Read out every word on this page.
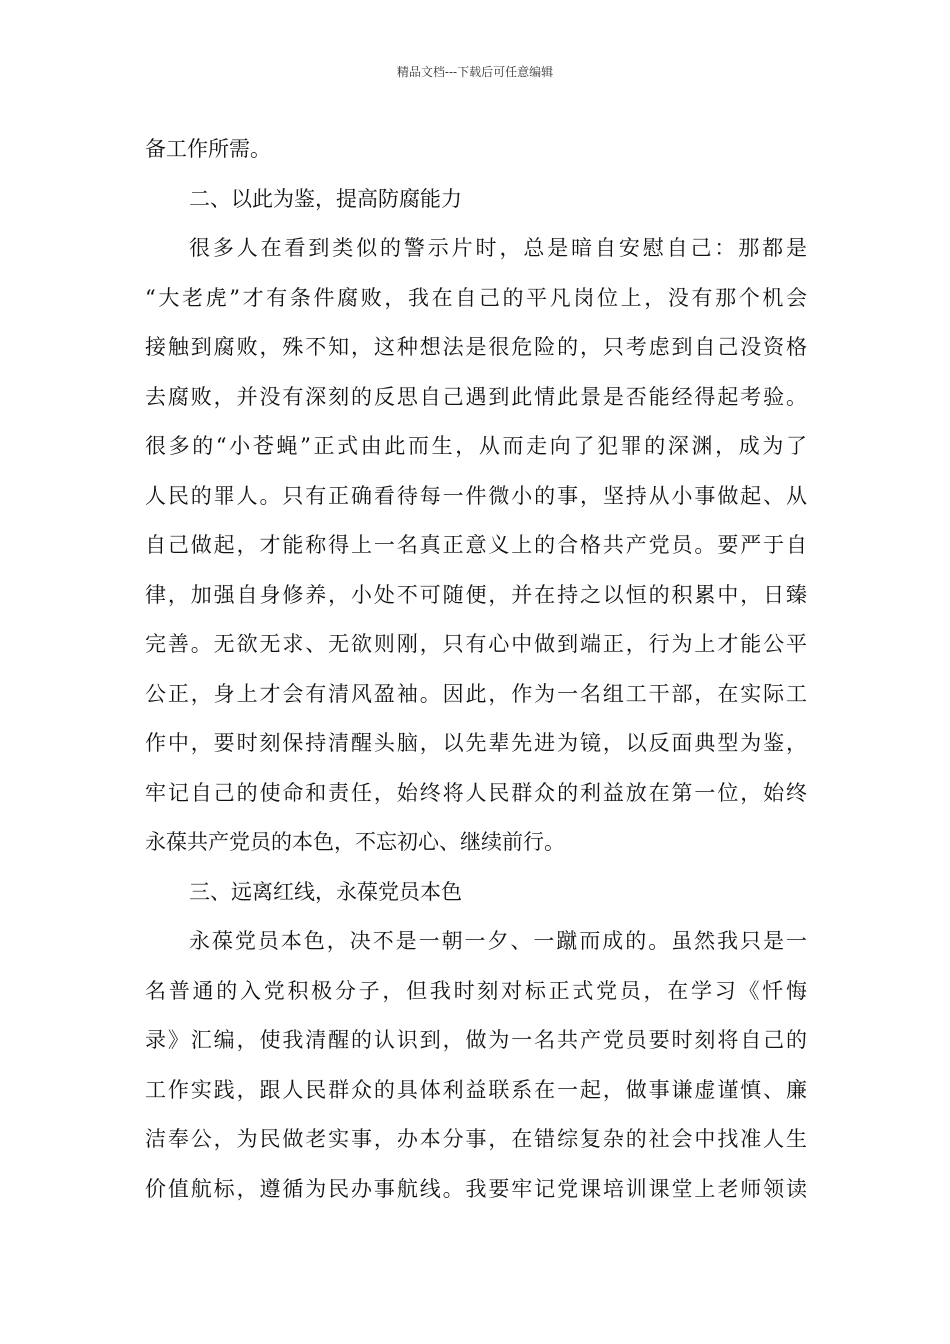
精品文档---下载后可任意编辑
备工作所需。
二、以此为鉴，提高防腐能力
很多人在看到类似的警示片时，总是暗自安慰自己：那都是
“大老虎”才有条件腐败，我在自己的平凡岗位上，没有那个机会
接触到腐败，殊不知，这种想法是很危险的，只考虑到自己没资格
去腐败，并没有深刻的反思自己遇到此情此景是否能经得起考验。
很多的“小苍蝇”正式由此而生，从而走向了犯罪的深渊，成为了
人民的罪人。只有正确看待每一件微小的事，坚持从小事做起、从
自己做起，才能称得上一名真正意义上的合格共产党员。要严于自
律，加强自身修养，小处不可随便，并在持之以恒的积累中，日臻
完善。无欲无求、无欲则刚，只有心中做到端正，行为上才能公平
公正，身上才会有清风盈袖。因此，作为一名组工干部，在实际工
作中，要时刻保持清醒头脑，以先辈先进为镜，以反面典型为鉴，
牢记自己的使命和责任，始终将人民群众的利益放在第一位，始终
永葆共产党员的本色，不忘初心、继续前行。
三、远离红线，永葆党员本色
永葆党员本色，决不是一朝一夕、一蹴而成的。虽然我只是一
名普通的入党积极分子，但我时刻对标正式党员，在学习《忏悔
录》汇编，使我清醒的认识到，做为一名共产党员要时刻将自己的
工作实践，跟人民群众的具体利益联系在一起，做事谦虚谨慎、廉
洁奉公，为民做老实事，办本分事，在错综复杂的社会中找准人生
价值航标，遵循为民办事航线。我要牢记党课培训课堂上老师领读
